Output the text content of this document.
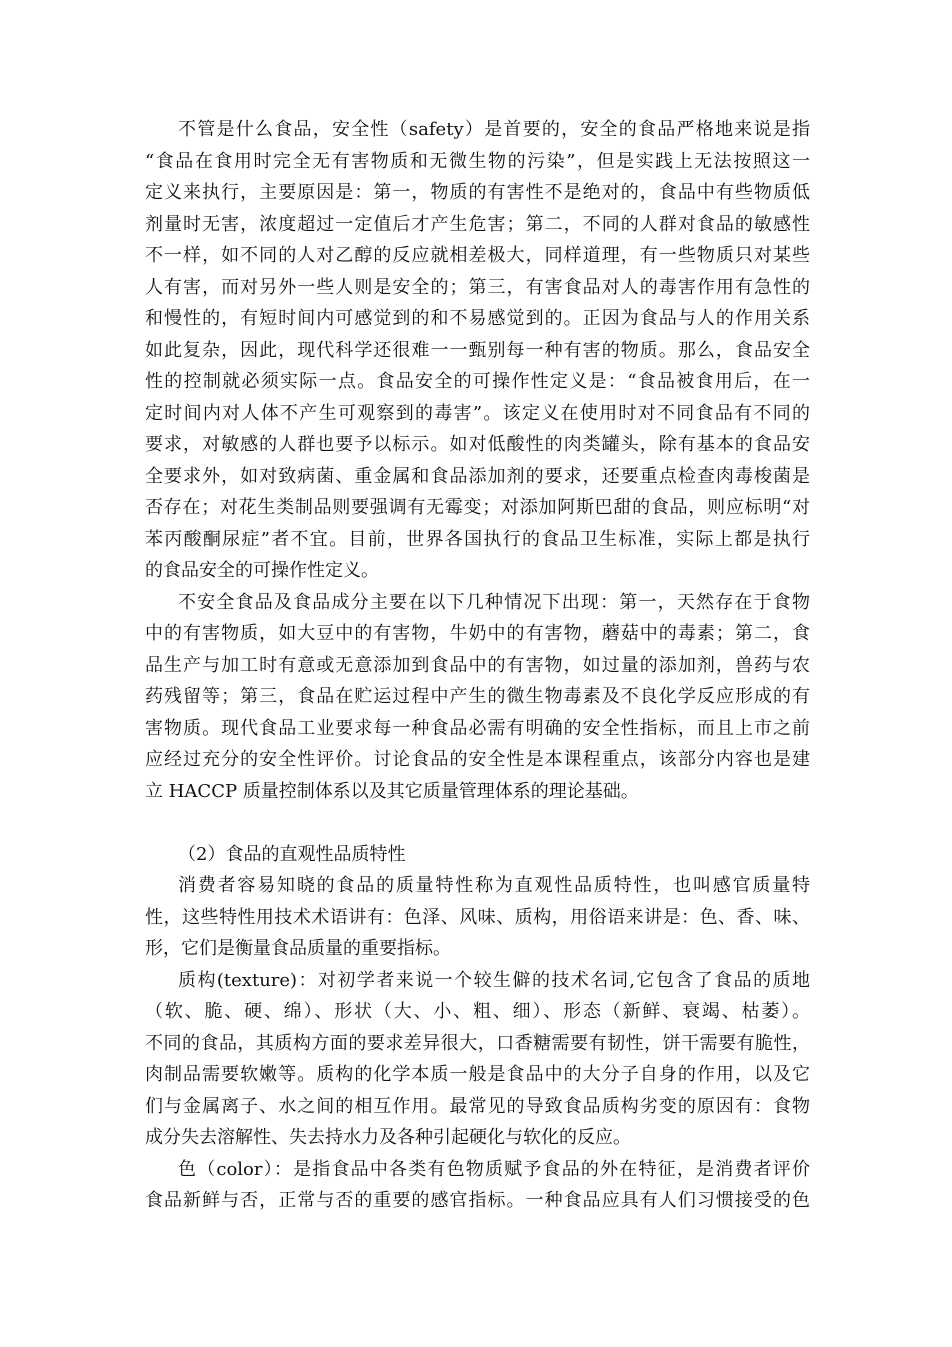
不管是什么食品，安全性（safety）是首要的，安全的食品严格地来说是指
“食品在食用时完全无有害物质和无微生物的污染”，但是实践上无法按照这一
定义来执行，主要原因是：第一，物质的有害性不是绝对的，食品中有些物质低
剂量时无害，浓度超过一定值后才产生危害；第二，不同的人群对食品的敏感性
不一样，如不同的人对乙醇的反应就相差极大，同样道理，有一些物质只对某些
人有害，而对另外一些人则是安全的；第三，有害食品对人的毒害作用有急性的
和慢性的，有短时间内可感觉到的和不易感觉到的。正因为食品与人的作用关系
如此复杂，因此，现代科学还很难一一甄别每一种有害的物质。那么，食品安全
性的控制就必须实际一点。食品安全的可操作性定义是：“食品被食用后，在一
定时间内对人体不产生可观察到的毒害”。该定义在使用时对不同食品有不同的
要求，对敏感的人群也要予以标示。如对低酸性的肉类罐头，除有基本的食品安
全要求外，如对致病菌、重金属和食品添加剂的要求，还要重点检查肉毒梭菌是
否存在；对花生类制品则要强调有无霉变；对添加阿斯巴甜的食品，则应标明“对
苯丙酸酮尿症”者不宜。目前，世界各国执行的食品卫生标准，实际上都是执行
的食品安全的可操作性定义。
不安全食品及食品成分主要在以下几种情况下出现：第一，天然存在于食物
中的有害物质，如大豆中的有害物，牛奶中的有害物，蘑菇中的毒素；第二，食
品生产与加工时有意或无意添加到食品中的有害物，如过量的添加剂，兽药与农
药残留等；第三，食品在贮运过程中产生的微生物毒素及不良化学反应形成的有
害物质。现代食品工业要求每一种食品必需有明确的安全性指标，而且上市之前
应经过充分的安全性评价。讨论食品的安全性是本课程重点，该部分内容也是建
立 HACCP 质量控制体系以及其它质量管理体系的理论基础。
（2）食品的直观性品质特性
消费者容易知晓的食品的质量特性称为直观性品质特性，也叫感官质量特
性，这些特性用技术术语讲有：色泽、风味、质构，用俗语来讲是：色、香、味、
形，它们是衡量食品质量的重要指标。
质构(texture)：对初学者来说一个较生僻的技术名词,它包含了食品的质地
（软、脆、硬、绵）、形状（大、小、粗、细）、形态（新鲜、衰竭、枯萎）。
不同的食品，其质构方面的要求差异很大，口香糖需要有韧性，饼干需要有脆性，
肉制品需要软嫩等。质构的化学本质一般是食品中的大分子自身的作用，以及它
们与金属离子、水之间的相互作用。最常见的导致食品质构劣变的原因有：食物
成分失去溶解性、失去持水力及各种引起硬化与软化的反应。
色（color）：是指食品中各类有色物质赋予食品的外在特征，是消费者评价
食品新鲜与否，正常与否的重要的感官指标。一种食品应具有人们习惯接受的色
